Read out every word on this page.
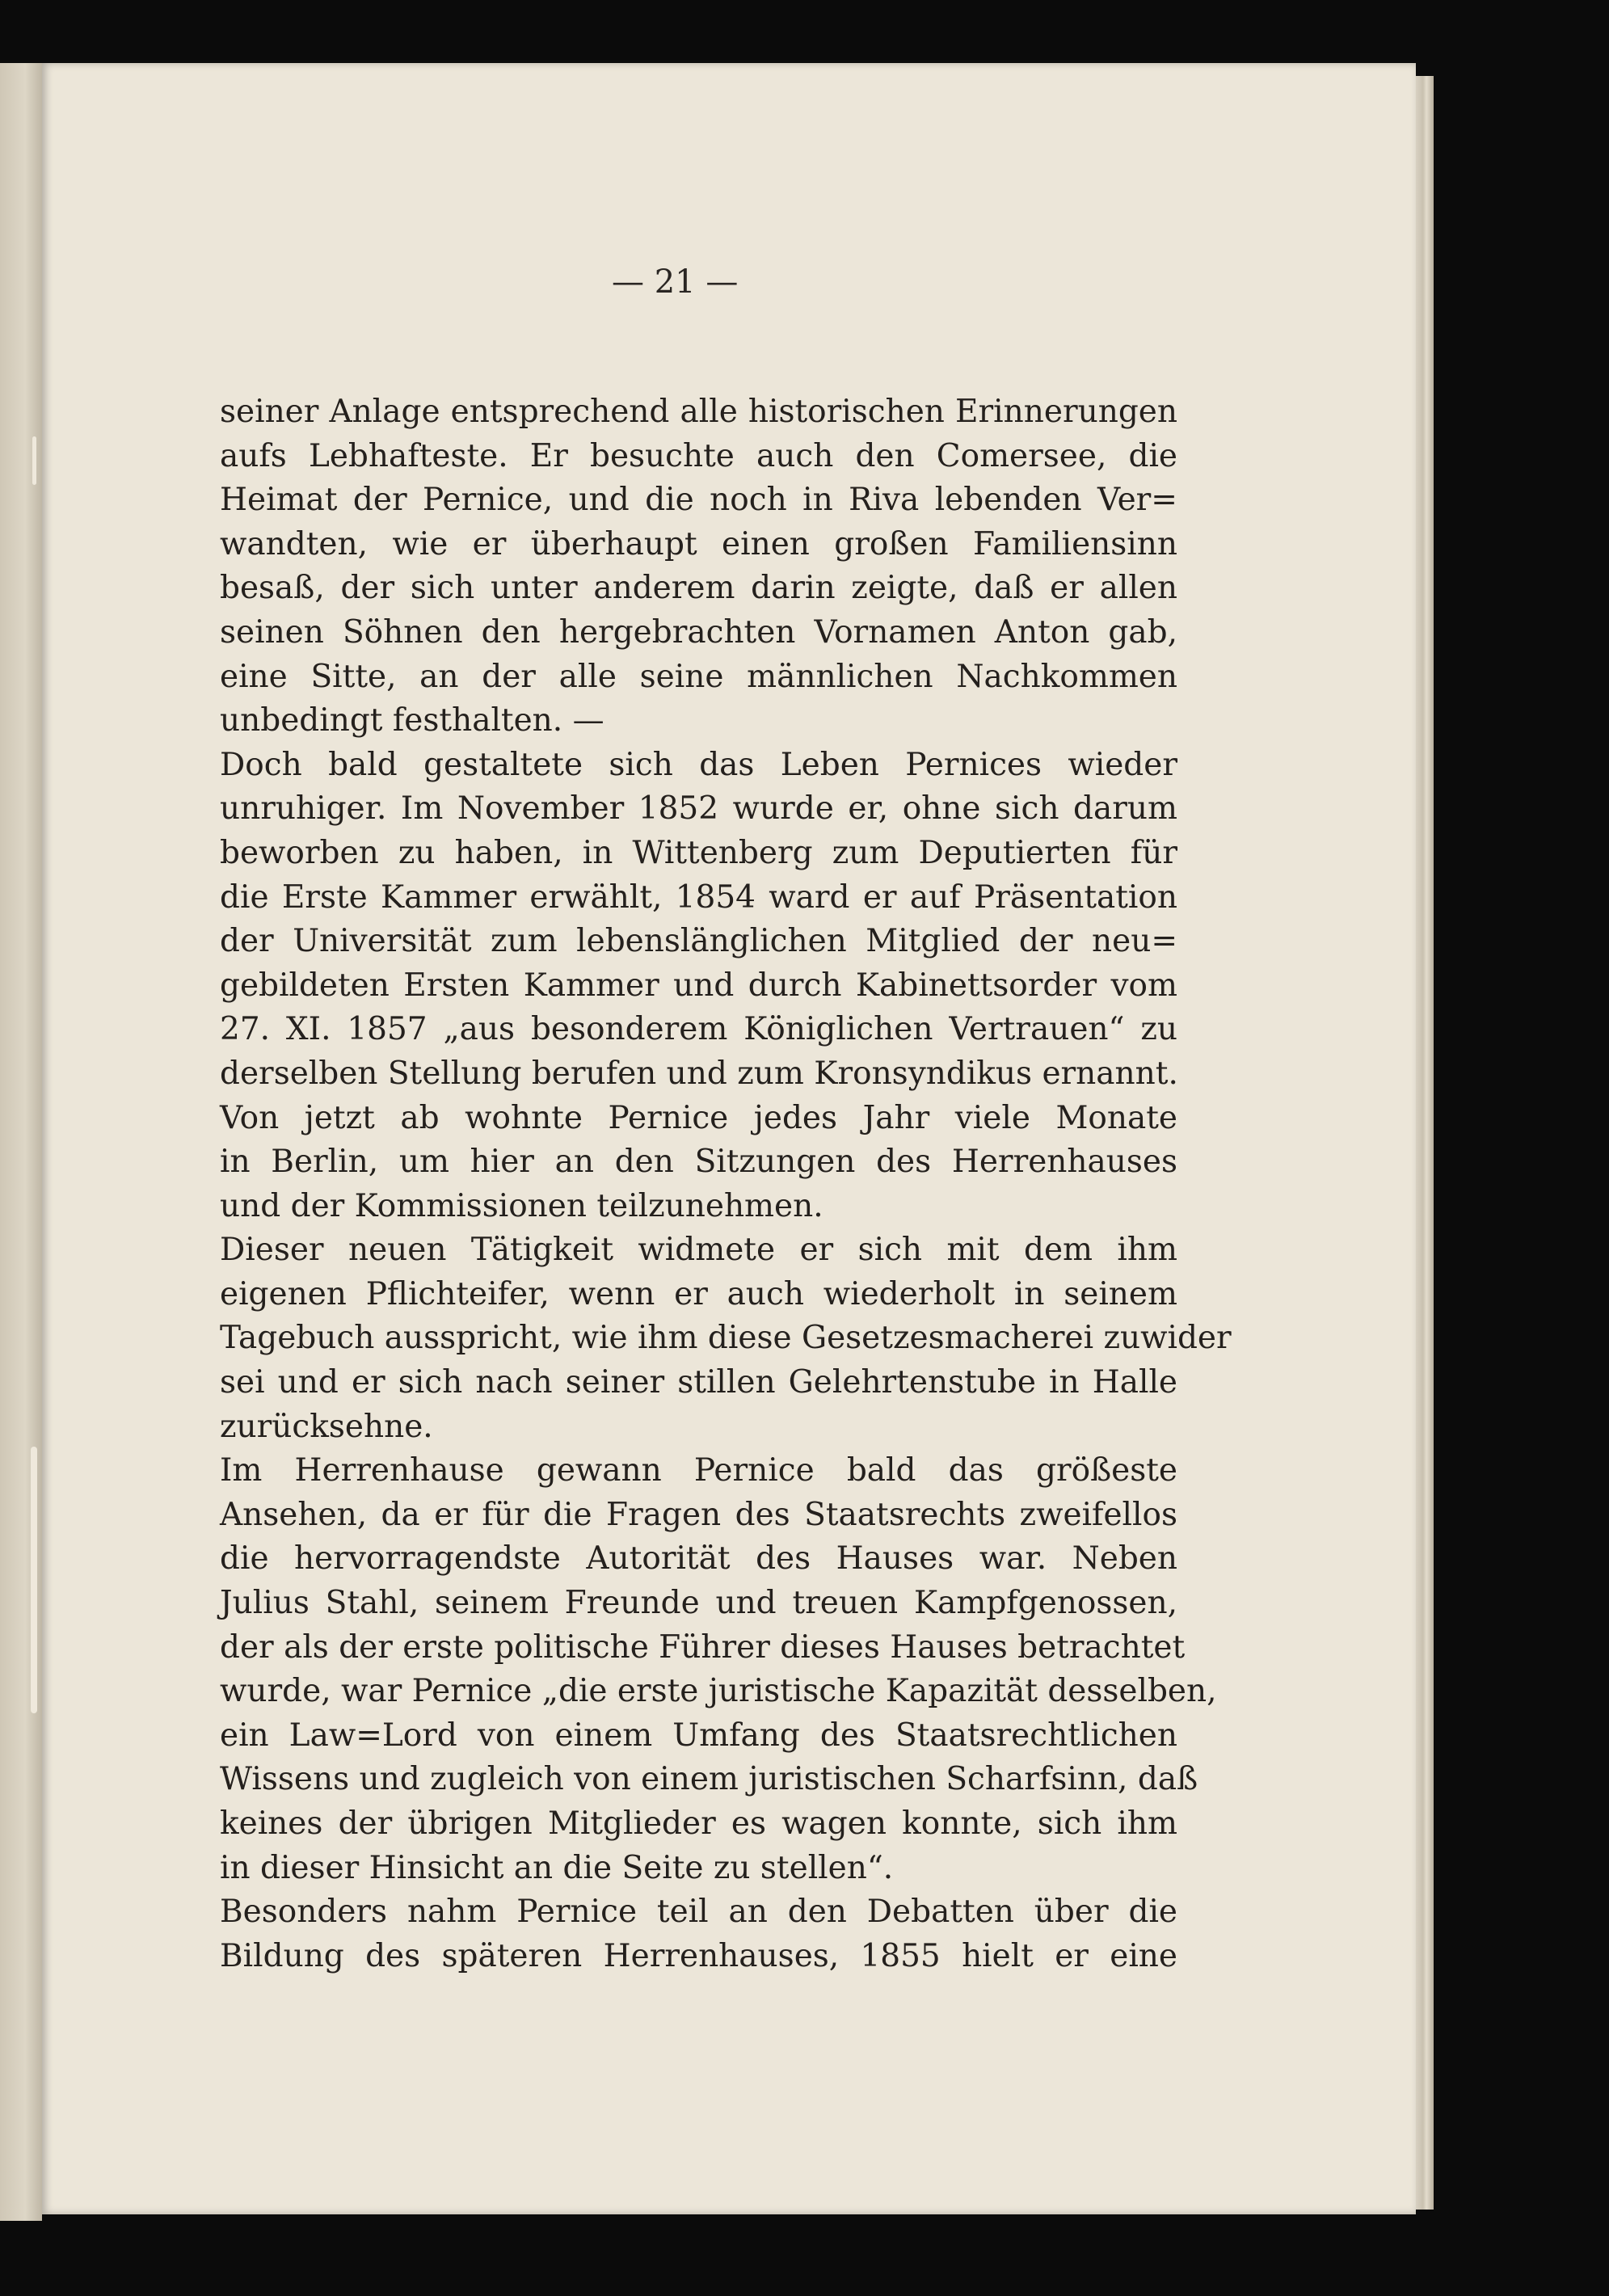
— 21 —
seiner Anlage entsprechend alle historischen Erinnerungen
aufs Lebhafteste. Er besuchte auch den Comersee, die
Heimat der Pernice, und die noch in Riva lebenden Ver=
wandten, wie er überhaupt einen großen Familiensinn
besaß, der sich unter anderem darin zeigte, daß er allen
seinen Söhnen den hergebrachten Vornamen Anton gab,
eine Sitte, an der alle seine männlichen Nachkommen
unbedingt festhalten. —
Doch bald gestaltete sich das Leben Pernices wieder
unruhiger. Im November 1852 wurde er, ohne sich darum
beworben zu haben, in Wittenberg zum Deputierten für
die Erste Kammer erwählt, 1854 ward er auf Präsentation
der Universität zum lebenslänglichen Mitglied der neu=
gebildeten Ersten Kammer und durch Kabinettsorder vom
27. XI. 1857 „aus besonderem Königlichen Vertrauen“ zu
derselben Stellung berufen und zum Kronsyndikus ernannt.
Von jetzt ab wohnte Pernice jedes Jahr viele Monate
in Berlin, um hier an den Sitzungen des Herrenhauses
und der Kommissionen teilzunehmen.
Dieser neuen Tätigkeit widmete er sich mit dem ihm
eigenen Pflichteifer, wenn er auch wiederholt in seinem
Tagebuch ausspricht, wie ihm diese Gesetzesmacherei zuwider
sei und er sich nach seiner stillen Gelehrtenstube in Halle
zurücksehne.
Im Herrenhause gewann Pernice bald das größeste
Ansehen, da er für die Fragen des Staatsrechts zweifellos
die hervorragendste Autorität des Hauses war. Neben
Julius Stahl, seinem Freunde und treuen Kampfgenossen,
der als der erste politische Führer dieses Hauses betrachtet
wurde, war Pernice „die erste juristische Kapazität desselben,
ein Law=Lord von einem Umfang des Staatsrechtlichen
Wissens und zugleich von einem juristischen Scharfsinn, daß
keines der übrigen Mitglieder es wagen konnte, sich ihm
in dieser Hinsicht an die Seite zu stellen“.
Besonders nahm Pernice teil an den Debatten über die
Bildung des späteren Herrenhauses, 1855 hielt er eine
